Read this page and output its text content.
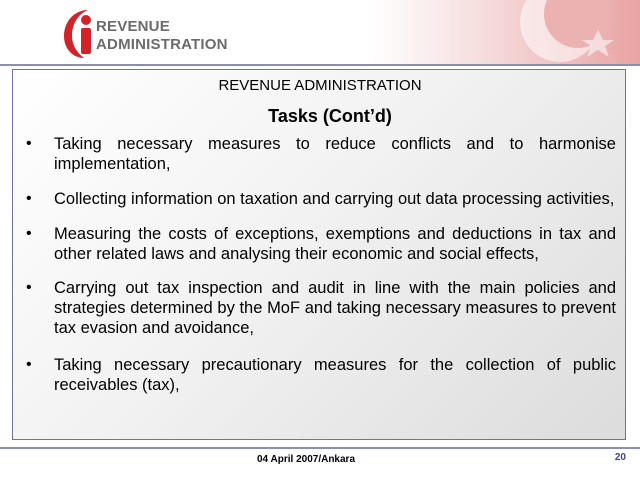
REVENUE
ADMINISTRATION
REVENUE ADMINISTRATION
Tasks (Cont’d)
• Taking necessary measures to reduce conflicts and to harmonise implementation,
• Collecting information on taxation and carrying out data processing activities,
• Measuring the costs of exceptions, exemptions and deductions in tax and other related laws and analysing their economic and social effects,
• Carrying out tax inspection and audit in line with the main policies and strategies determined by the MoF and taking necessary measures to prevent tax evasion and avoidance,
• Taking necessary precautionary measures for the collection of public receivables (tax),
04 April 2007/Ankara	20
